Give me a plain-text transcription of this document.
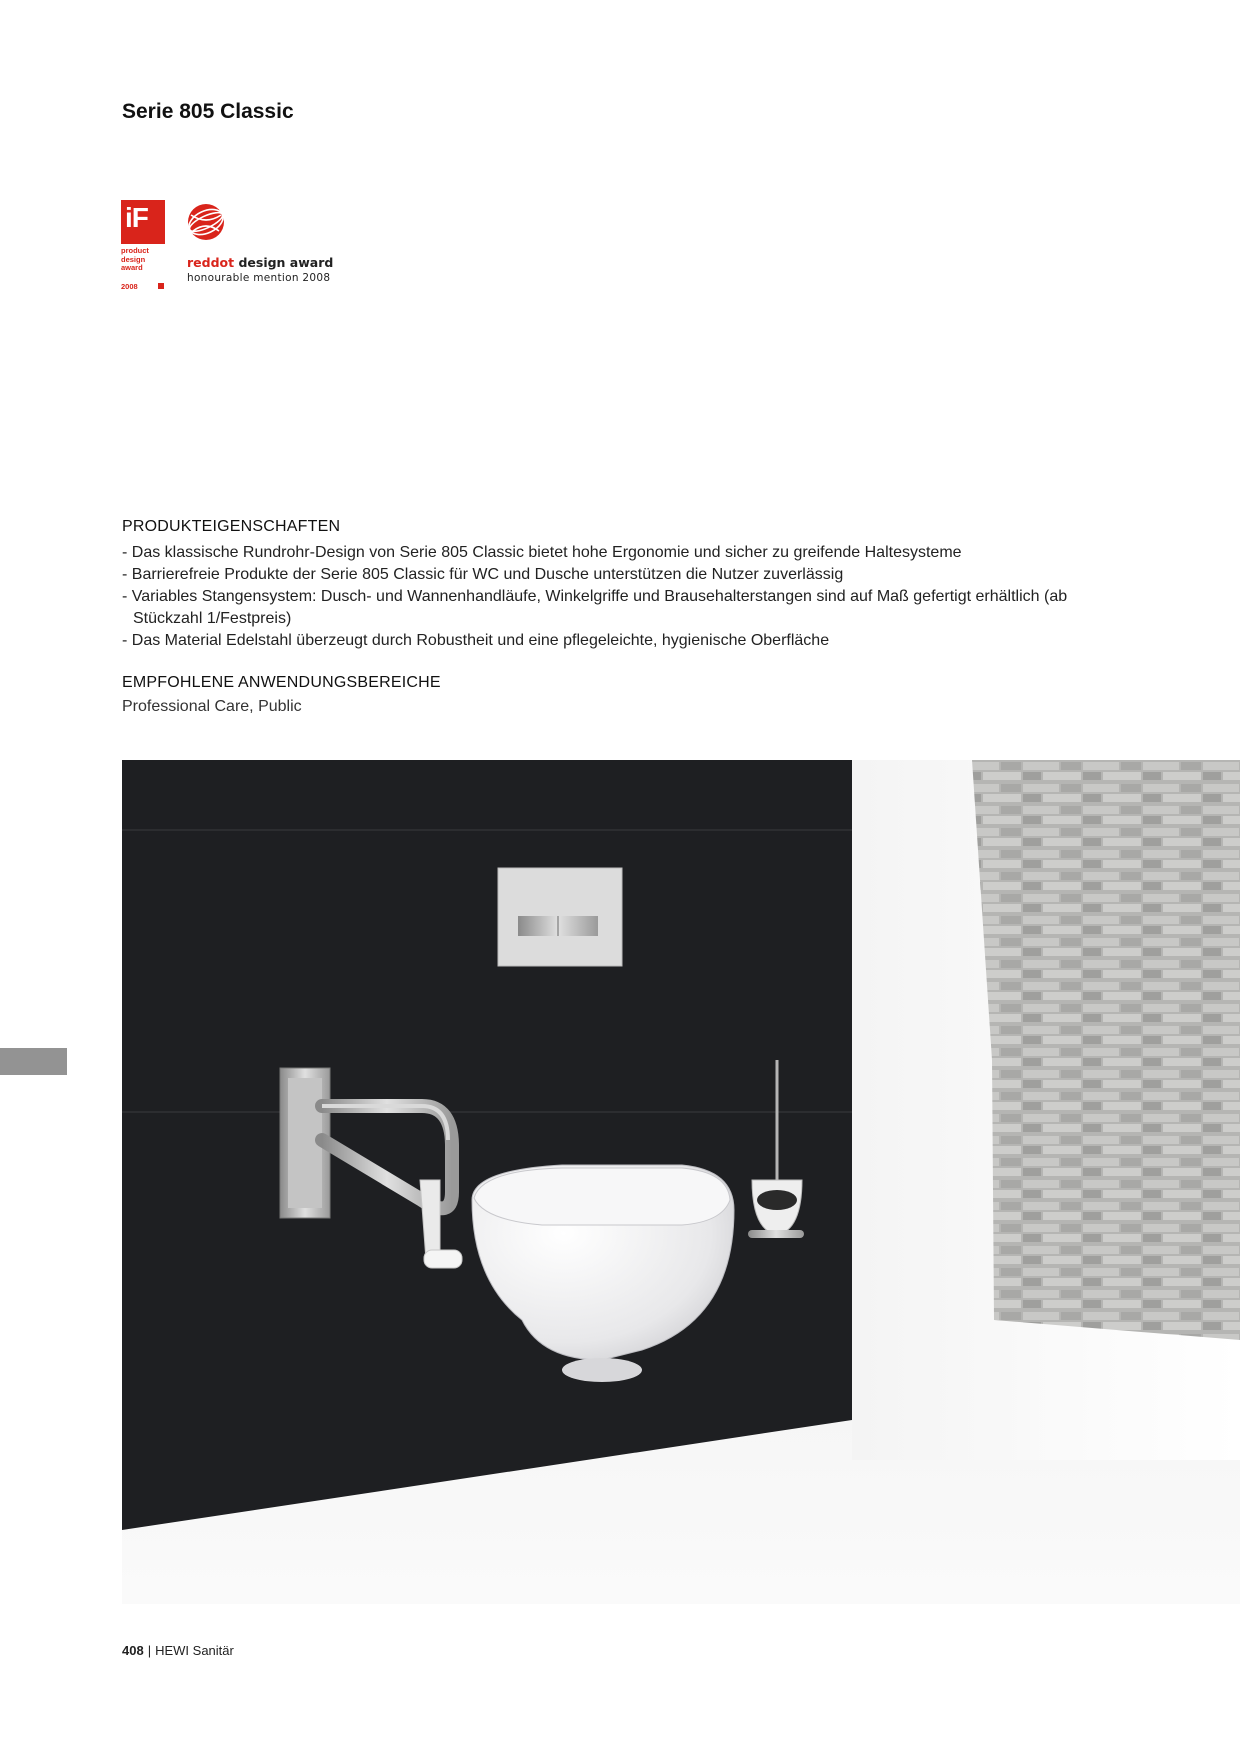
Serie 805 Classic
iF
product
design
award
2008
reddot design award
honourable mention 2008
PRODUKTEIGENSCHAFTEN
- Das klassische Rundrohr-Design von Serie 805 Classic bietet hohe Ergonomie und sicher zu greifende Haltesysteme
- Barrierefreie Produkte der Serie 805 Classic für WC und Dusche unterstützen die Nutzer zuverlässig
- Variables Stangensystem: Dusch- und Wannenhandläufe, Winkelgriffe und Brausehalterstangen sind auf Maß gefertigt erhältlich (ab Stückzahl 1/Festpreis)
- Das Material Edelstahl überzeugt durch Robustheit und eine pflegeleichte, hygienische Oberfläche
EMPFOHLENE ANWENDUNGSBEREICHE
Professional Care, Public
408 | HEWI Sanitär
